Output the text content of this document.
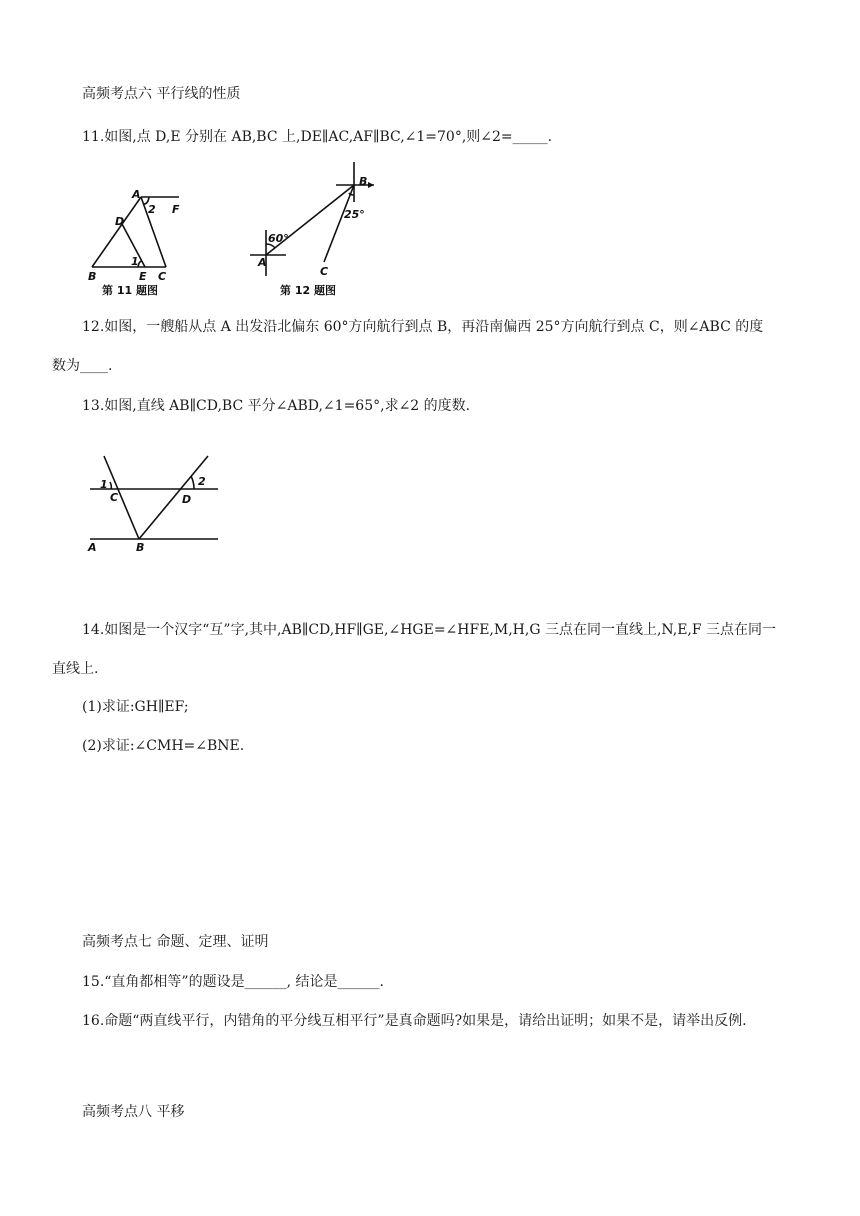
高频考点六 平行线的性质
11.如图,点 D,E 分别在 AB,BC 上,DE∥AC,AF∥BC,∠1=70°,则∠2=_____.
A
D
2 F
B
1
E C
第 11 题图
B
25°
60°
A
C
第 12 题图
12.如图，一艘船从点 A 出发沿北偏东 60°方向航行到点 B，再沿南偏西 25°方向航行到点 C，则∠ABC 的度
数为____.
13.如图,直线 AB∥CD,BC 平分∠ABD,∠1=65°,求∠2 的度数.
1
C	D
2
A	B
14.如图是一个汉字“互”字,其中,AB∥CD,HF∥GE,∠HGE=∠HFE,M,H,G 三点在同一直线上,N,E,F 三点在同一
直线上.
(1)求证:GH∥EF;
(2)求证:∠CMH=∠BNE.
高频考点七 命题、定理、证明
15.“直角都相等”的题设是______, 结论是______.
16.命题“两直线平行，内错角的平分线互相平行”是真命题吗?如果是，请给出证明；如果不是，请举出反例.
高频考点八 平移
